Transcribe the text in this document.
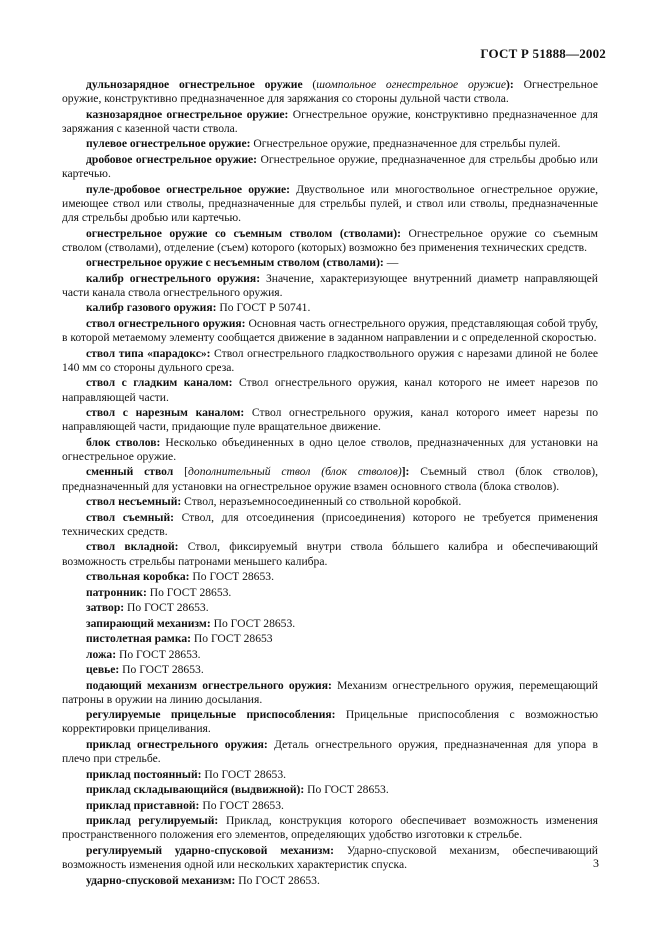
ГОСТ Р 51888—2002

дульнозарядное огнестрельное оружие (шомпольное огнестрельное оружие): Огнестрельное оружие, конструктивно предназначенное для заряжания со стороны дульной части ствола.

казнозарядное огнестрельное оружие: Огнестрельное оружие, конструктивно предназначенное для заряжания с казенной части ствола.

пулевое огнестрельное оружие: Огнестрельное оружие, предназначенное для стрельбы пулей.

дробовое огнестрельное оружие: Огнестрельное оружие, предназначенное для стрельбы дробью или картечью.

пуле-дробовое огнестрельное оружие: Двуствольное или многоствольное огнестрельное оружие, имеющее ствол или стволы, предназначенные для стрельбы пулей, и ствол или стволы, предназначенные для стрельбы дробью или картечью.

огнестрельное оружие со съемным стволом (стволами): Огнестрельное оружие со съемным стволом (стволами), отделение (съем) которого (которых) возможно без применения технических средств.

огнестрельное оружие с несъемным стволом (стволами): —

калибр огнестрельного оружия: Значение, характеризующее внутренний диаметр направляющей части канала ствола огнестрельного оружия.

калибр газового оружия: По ГОСТ Р 50741.

ствол огнестрельного оружия: Основная часть огнестрельного оружия, представляющая собой трубу, в которой метаемому элементу сообщается движение в заданном направлении и с определенной скоростью.

ствол типа «парадокс»: Ствол огнестрельного гладкоствольного оружия с нарезами длиной не более 140 мм со стороны дульного среза.

ствол с гладким каналом: Ствол огнестрельного оружия, канал которого не имеет нарезов по направляющей части.

ствол с нарезным каналом: Ствол огнестрельного оружия, канал которого имеет нарезы по направляющей части, придающие пуле вращательное движение.

блок стволов: Несколько объединенных в одно целое стволов, предназначенных для установки на огнестрельное оружие.

сменный ствол [дополнительный ствол (блок стволов)]: Съемный ствол (блок стволов), предназначенный для установки на огнестрельное оружие взамен основного ствола (блока стволов).

ствол несъемный: Ствол, неразъемносоединенный со ствольной коробкой.

ствол съемный: Ствол, для отсоединения (присоединения) которого не требуется применения технических средств.

ствол вкладной: Ствол, фиксируемый внутри ствола бóльшего калибра и обеспечивающий возможность стрельбы патронами меньшего калибра.

ствольная коробка: По ГОСТ 28653.

патронник: По ГОСТ 28653.

затвор: По ГОСТ 28653.

запирающий механизм: По ГОСТ 28653.

пистолетная рамка: По ГОСТ 28653

ложа: По ГОСТ 28653.

цевье: По ГОСТ 28653.

подающий механизм огнестрельного оружия: Механизм огнестрельного оружия, перемещающий патроны в оружии на линию досылания.

регулируемые прицельные приспособления: Прицельные приспособления с возможностью корректировки прицеливания.

приклад огнестрельного оружия: Деталь огнестрельного оружия, предназначенная для упора в плечо при стрельбе.

приклад постоянный: По ГОСТ 28653.

приклад складывающийся (выдвижной): По ГОСТ 28653.

приклад приставной: По ГОСТ 28653.

приклад регулируемый: Приклад, конструкция которого обеспечивает возможность изменения пространственного положения его элементов, определяющих удобство изготовки к стрельбе.

регулируемый ударно-спусковой механизм: Ударно-спусковой механизм, обеспечивающий возможность изменения одной или нескольких характеристик спуска.

ударно-спусковой механизм: По ГОСТ 28653.

3
